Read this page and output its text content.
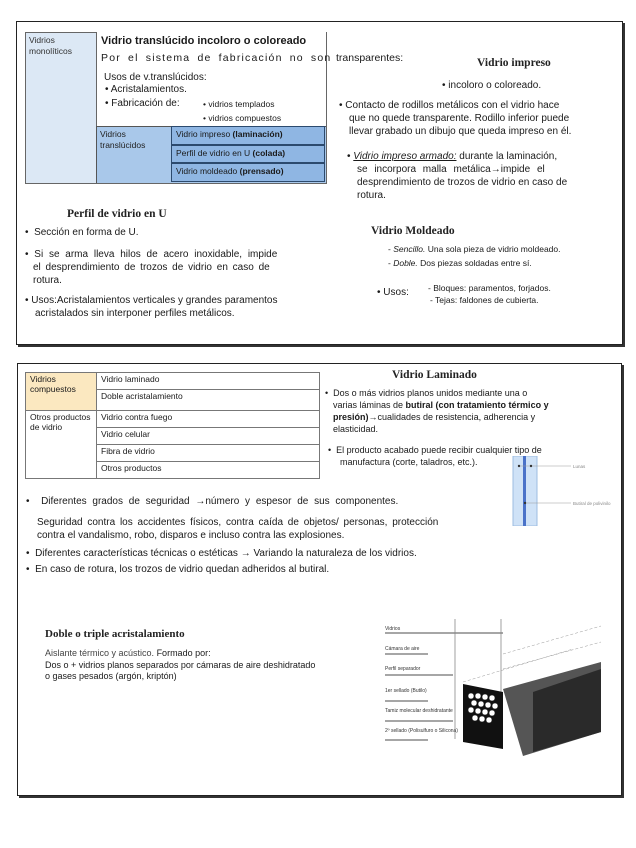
Vidrios monolíticos
Vidrio translúcido incoloro o coloreado
Por el sistema de fabricación no son transparentes:
Usos de v.translúcidos:
• Acristalamientos.
• Fabricación de:	• vidrios templados
• vidrios compuestos
Vidrios translúcidos
Vidrio impreso (laminación)
Perfil de vidrio en U (colada)
Vidrio moldeado (prensado)
Vidrio impreso
• incoloro o coloreado.
• Contacto de rodillos metálicos con el vidrio hace
que no quede transparente. Rodillo inferior puede
llevar grabado un dibujo que queda impreso en él.
• Vidrio impreso armado: durante la laminación,
se incorpora malla metálica→impide el
desprendimiento de trozos de vidrio en caso de
rotura.
Perfil de vidrio en U
•  Sección en forma de U.
• Si se arma lleva hilos de acero inoxidable, impide
el desprendimiento de trozos de vidrio en caso de
rotura.
• Usos:Acristalamientos verticales y grandes paramentos
acristalados sin interponer perfiles metálicos.
Vidrio Moldeado
- Sencillo. Una sola pieza de vidrio moldeado.
- Doble. Dos piezas soldadas entre sí.
• Usos: - Bloques: paramentos, forjados.
- Tejas: faldones de cubierta.
Vidrios compuestos	Vidrio laminado
	Doble acristalamiento
Otros productos de vidrio	Vidrio contra fuego
	Vidrio celular
	Fibra de vidrio
	Otros productos
Vidrio Laminado
•  Dos o más vidrios planos unidos mediante una o
varias láminas de butiral (con tratamiento térmico y
presión)→cualidades de resistencia, adherencia y
elasticidad.
•  El producto acabado puede recibir cualquier tipo de
manufactura (corte, taladros, etc.).	Lunas
Butiral de polivinilo
•  Diferentes grados de seguridad →número y espesor de sus componentes.
Seguridad contra los accidentes físicos, contra caída de objetos/ personas, protección
contra el vandalismo, robo, disparos e incluso contra las explosiones.
•  Diferentes características técnicas o estéticas → Variando la naturaleza de los vidrios.
•  En caso de rotura, los trozos de vidrio quedan adheridos al butiral.
Doble o triple acristalamiento
Aislante térmico y acústico. Formado por:
Dos o + vidrios planos separados por cámaras de aire deshidratado
o gases pesados (argón, kriptón)
Vidrios
Cámara de aire
Perfil separador
1er sellado (Butilo)
Tamiz molecular deshidratante
2º sellado (Polisulfuro o Silicona)
